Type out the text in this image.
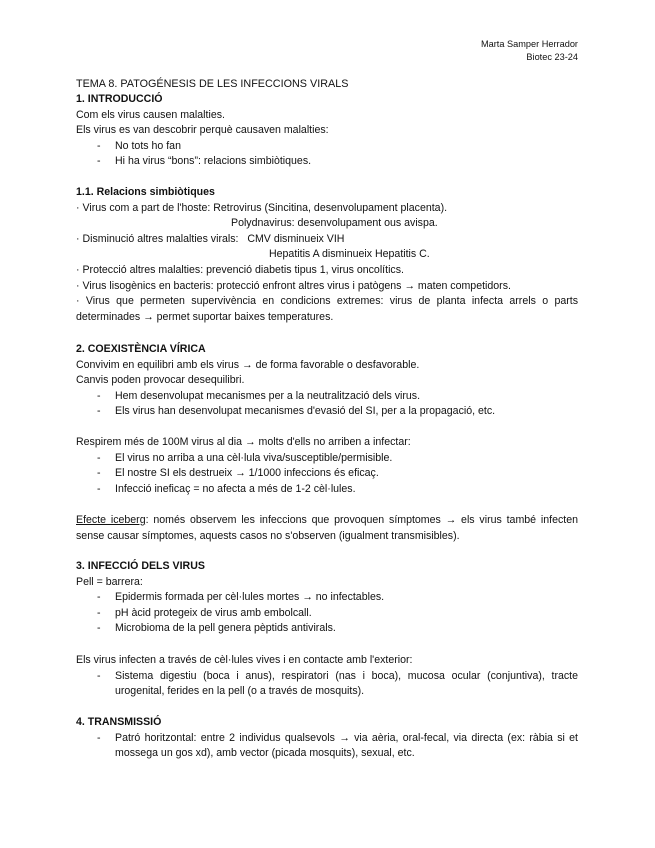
Marta Samper Herrador
Biotec 23-24
TEMA 8. PATOGÉNESIS DE LES INFECCIONS VIRALS

1. INTRODUCCIÓ

Com els virus causen malalties.

Els virus es van descobrir perquè causaven malalties:

- No tots ho fan
- Hi ha virus “bons”: relacions simbiòtiques.

1.1. Relacions simbiòtiques

· Virus com a part de l'hoste: Retrovirus (Sincitina, desenvolupament placenta).

Polydnavirus: desenvolupament ous avispa.

· Disminució altres malalties virals: CMV disminueix VIH

Hepatitis A disminueix Hepatitis C.

· Protecció altres malalties: prevenció diabetis tipus 1, virus oncolítics.

· Virus lisogènics en bacteris: protecció enfront altres virus i patògens → maten competidors.

· Virus que permeten supervivència en condicions extremes: virus de planta infecta arrels o parts determinades → permet suportar baixes temperatures.

2. COEXISTÈNCIA VÍRICA

Convivim en equilibri amb els virus → de forma favorable o desfavorable.

Canvis poden provocar desequilibri.

- Hem desenvolupat mecanismes per a la neutralització dels virus.
- Els virus han desenvolupat mecanismes d'evasió del SI, per a la propagació, etc.

Respirem més de 100M virus al dia → molts d'ells no arriben a infectar:

- El virus no arriba a una cèl·lula viva/susceptible/permisible.
- El nostre SI els destrueix → 1/1000 infeccions és eficaç.
- Infecció ineficaç = no afecta a més de 1-2 cèl·lules.

Efecte iceberg: només observem les infeccions que provoquen símptomes → els virus també infecten sense causar símptomes, aquests casos no s'observen (igualment transmisibles).

3. INFECCIÓ DELS VIRUS

Pell = barrera:

- Epidermis formada per cèl·lules mortes → no infectables.
- pH àcid protegeix de virus amb embolcall.
- Microbioma de la pell genera pèptids antivirals.

Els virus infecten a través de cèl·lules vives i en contacte amb l'exterior:

- Sistema digestiu (boca i anus), respiratori (nas i boca), mucosa ocular (conjuntiva), tracte urogenital, ferides en la pell (o a través de mosquits).

4. TRANSMISSIÓ

- Patró horitzontal: entre 2 individus qualsevols → via aèria, oral-fecal, via directa (ex: ràbia si et mossega un gos xd), amb vector (picada mosquits), sexual, etc.
